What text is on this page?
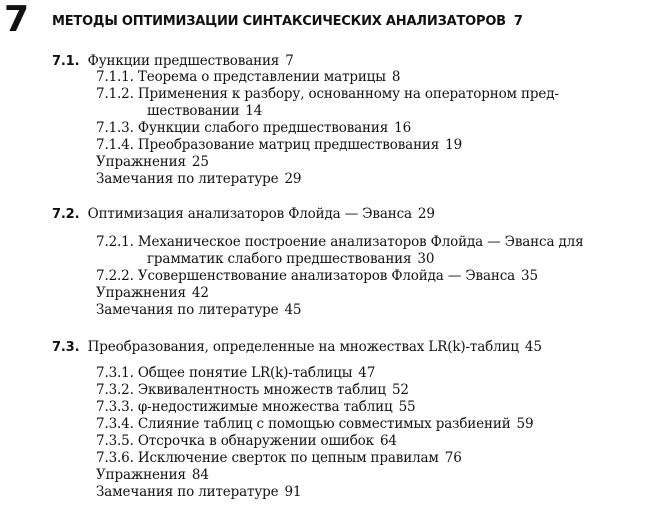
7 МЕТОДЫ ОПТИМИЗАЦИИ СИНТАКСИЧЕСКИХ АНАЛИЗАТОРОВ 7
7.1. Функции предшествования 7
7.1.1. Теорема о представлении матрицы 8
7.1.2. Применения к разбору, основанному на операторном пред-
шествовании 14
7.1.3. Функции слабого предшествования 16
7.1.4. Преобразование матриц предшествования 19
Упражнения 25
Замечания по литературе 29
7.2. Оптимизация анализаторов Флойда — Эванса 29
7.2.1. Механическое построение анализаторов Флойда — Эванса для
грамматик слабого предшествования 30
7.2.2. Усовершенствование анализаторов Флойда — Эванса 35
Упражнения 42
Замечания по литературе 45
7.3. Преобразования, определенные на множествах LR(k)-таблиц 45
7.3.1. Общее понятие LR(k)-таблицы 47
7.3.2. Эквивалентность множеств таблиц 52
7.3.3. φ-недостижимые множества таблиц 55
7.3.4. Слияние таблиц с помощью совместимых разбиений 59
7.3.5. Отсрочка в обнаружении ошибок 64
7.3.6. Исключение сверток по цепным правилам 76
Упражнения 84
Замечания по литературе 91
